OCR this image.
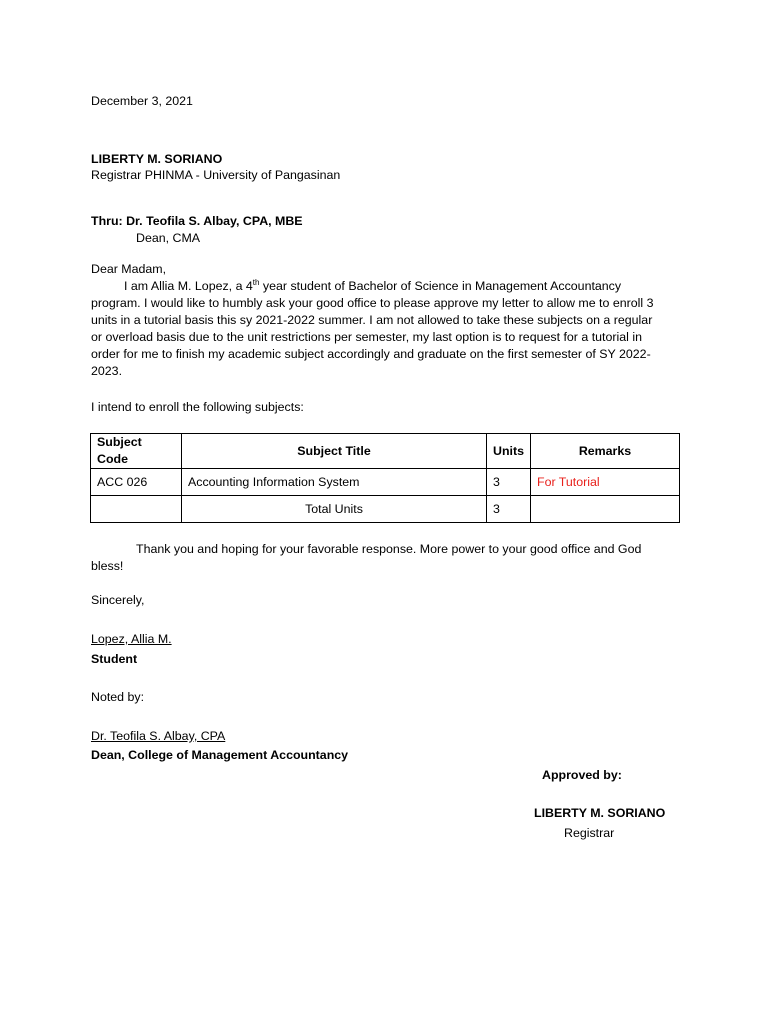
December 3, 2021
LIBERTY M. SORIANO
Registrar PHINMA - University of Pangasinan
Thru: Dr. Teofila S. Albay, CPA, MBE
Dean, CMA
Dear Madam,
I am Allia M. Lopez, a 4th year student of Bachelor of Science in Management Accountancy
program. I would like to humbly ask your good office to please approve my letter to allow me to enroll 3
units in a tutorial basis this sy 2021-2022 summer. I am not allowed to take these subjects on a regular
or overload basis due to the unit restrictions per semester, my last option is to request for a tutorial in
order for me to finish my academic subject accordingly and graduate on the first semester of SY 2022-
2023.
I intend to enroll the following subjects:
Subject Code	Subject Title	Units	Remarks
ACC 026	Accounting Information System	3	For Tutorial
	Total Units	3	
Thank you and hoping for your favorable response. More power to your good office and God
bless!
Sincerely,
Lopez, Allia M.
Student
Noted by:
Dr. Teofila S. Albay, CPA
Dean, College of Management Accountancy
Approved by:
LIBERTY M. SORIANO
Registrar
